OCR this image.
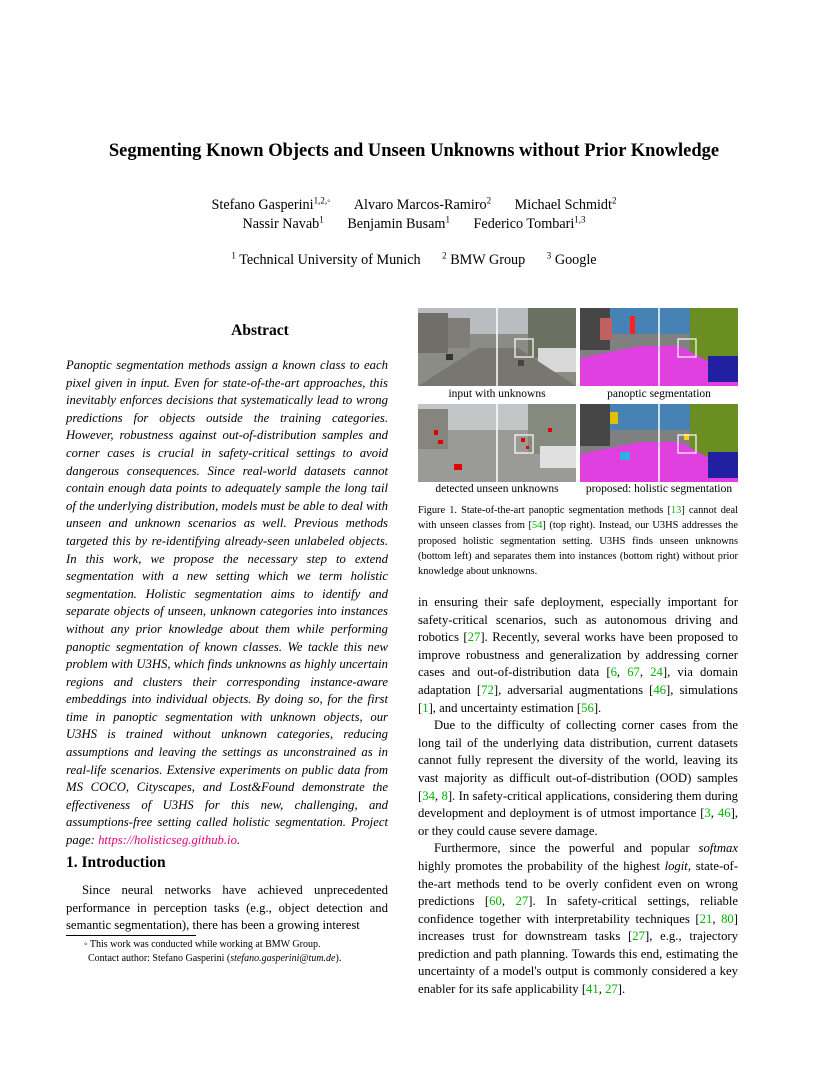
Segmenting Known Objects and Unseen Unknowns without Prior Knowledge
Stefano Gasperini$^{1,2,◦}$ Alvaro Marcos-Ramiro$^2$ Michael Schmidt$^2$
Nassir Navab$^1$ Benjamin Busam$^1$ Federico Tombari$^{1,3}$
$^1$ Technical University of Munich $^2$ BMW Group $^3$ Google
Abstract
Panoptic segmentation methods assign a known class to each pixel given in input. Even for state-of-the-art approaches, this inevitably enforces decisions that systematically lead to wrong predictions for objects outside the training categories. However, robustness against out-of-distribution samples and corner cases is crucial in safety-critical settings to avoid dangerous consequences. Since real-world datasets cannot contain enough data points to adequately sample the long tail of the underlying distribution, models must be able to deal with unseen and unknown scenarios as well. Previous methods targeted this by re-identifying already-seen unlabeled objects. In this work, we propose the necessary step to extend segmentation with a new setting which we term holistic segmentation. Holistic segmentation aims to identify and separate objects of unseen, unknown categories into instances without any prior knowledge about them while performing panoptic segmentation of known classes. We tackle this new problem with U3HS, which finds unknowns as highly uncertain regions and clusters their corresponding instance-aware embeddings into individual objects. By doing so, for the first time in panoptic segmentation with unknown objects, our U3HS is trained without unknown categories, reducing assumptions and leaving the settings as unconstrained as in real-life scenarios. Extensive experiments on public data from MS COCO, Cityscapes, and Lost&Found demonstrate the effectiveness of U3HS for this new, challenging, and assumptions-free setting called holistic segmentation. Project page: https://holisticseg.github.io.
1. Introduction
Since neural networks have achieved unprecedented performance in perception tasks (e.g., object detection and semantic segmentation), there has been a growing interest
◦ This work was conducted while working at BMW Group.
Contact author: Stefano Gasperini (stefano.gasperini@tum.de).
input with unknowns	panoptic segmentation
detected unseen unknowns	proposed: holistic segmentation
Figure 1. State-of-the-art panoptic segmentation methods [13] cannot deal with unseen classes from [54] (top right). Instead, our U3HS addresses the proposed holistic segmentation setting. U3HS finds unseen unknowns (bottom left) and separates them into instances (bottom right) without prior knowledge about unknowns.

in ensuring their safe deployment, especially important for safety-critical scenarios, such as autonomous driving and robotics [27]. Recently, several works have been proposed to improve robustness and generalization by addressing corner cases and out-of-distribution data [6, 67, 24], via domain adaptation [72], adversarial augmentations [46], simulations [1], and uncertainty estimation [56].

Due to the difficulty of collecting corner cases from the long tail of the underlying data distribution, current datasets cannot fully represent the diversity of the world, leaving its vast majority as difficult out-of-distribution (OOD) samples [34, 8]. In safety-critical applications, considering them during development and deployment is of utmost importance [3, 46], or they could cause severe damage.

Furthermore, since the powerful and popular softmax highly promotes the probability of the highest logit, state-of-the-art methods tend to be overly confident even on wrong predictions [60, 27]. In safety-critical settings, reliable confidence together with interpretability techniques [21, 80] increases trust for downstream tasks [27], e.g., trajectory prediction and path planning. Towards this end, estimating the uncertainty of a model's output is commonly considered a key enabler for its safe applicability [41, 27].
